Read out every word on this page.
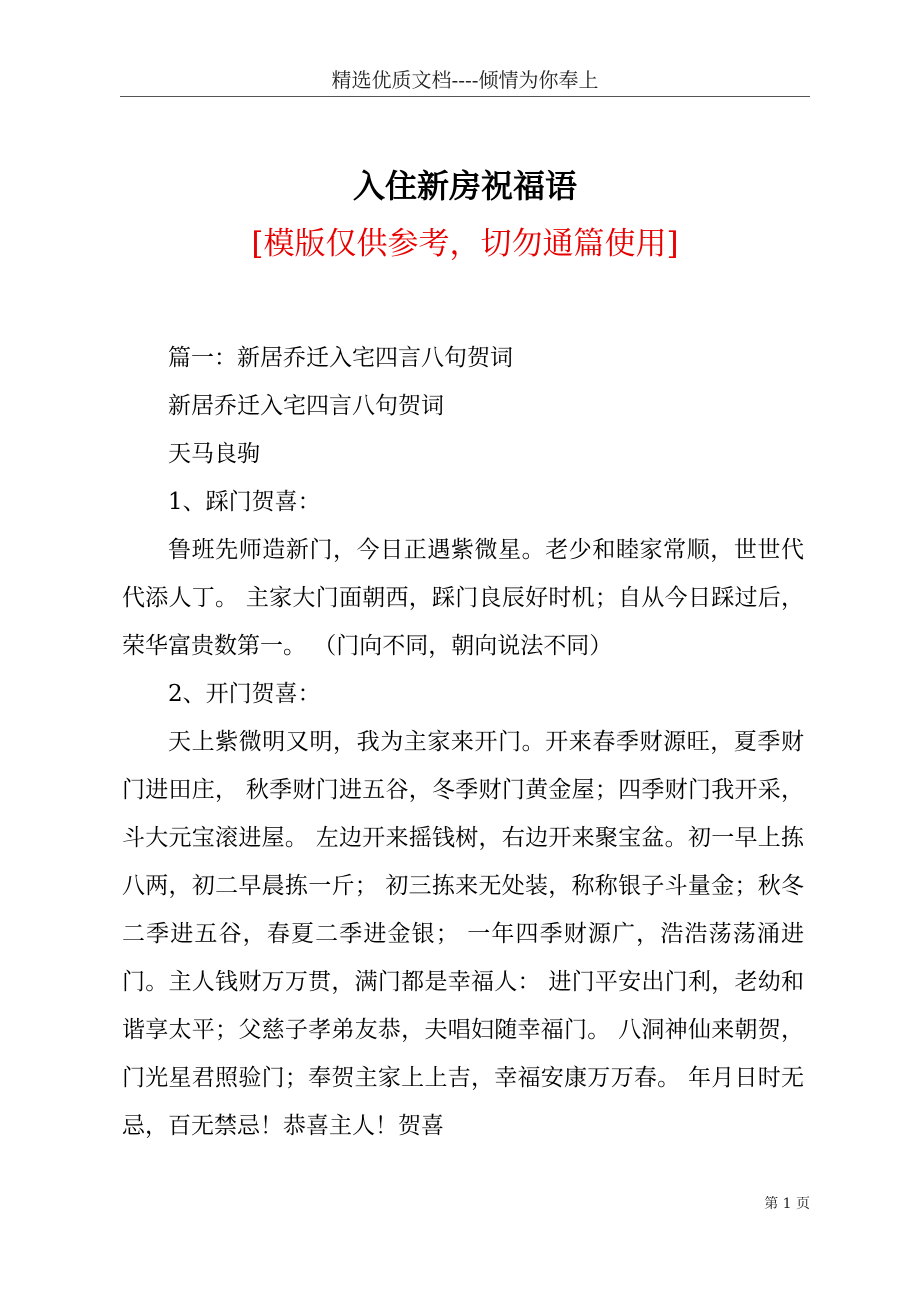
精选优质文档----倾情为你奉上
入住新房祝福语
[模版仅供参考，切勿通篇使用]

篇一：新居乔迁入宅四言八句贺词

新居乔迁入宅四言八句贺词

天马良驹

1、踩门贺喜：

鲁班先师造新门，今日正遇紫微星。老少和睦家常顺，世世代代添人丁。 主家大门面朝西，踩门良辰好时机；自从今日踩过后，荣华富贵数第一。 （门向不同，朝向说法不同）

2、开门贺喜：

天上紫微明又明，我为主家来开门。开来春季财源旺，夏季财门进田庄， 秋季财门进五谷，冬季财门黄金屋；四季财门我开采，斗大元宝滚进屋。 左边开来摇钱树，右边开来聚宝盆。初一早上拣八两，初二早晨拣一斤； 初三拣来无处装，称称银子斗量金；秋冬二季进五谷，春夏二季进金银； 一年四季财源广，浩浩荡荡涌进门。主人钱财万万贯，满门都是幸福人： 进门平安出门利，老幼和谐享太平；父慈子孝弟友恭，夫唱妇随幸福门。 八洞神仙来朝贺，门光星君照验门；奉贺主家上上吉，幸福安康万万春。 年月日时无忌，百无禁忌！恭喜主人！贺喜

第 1 页
